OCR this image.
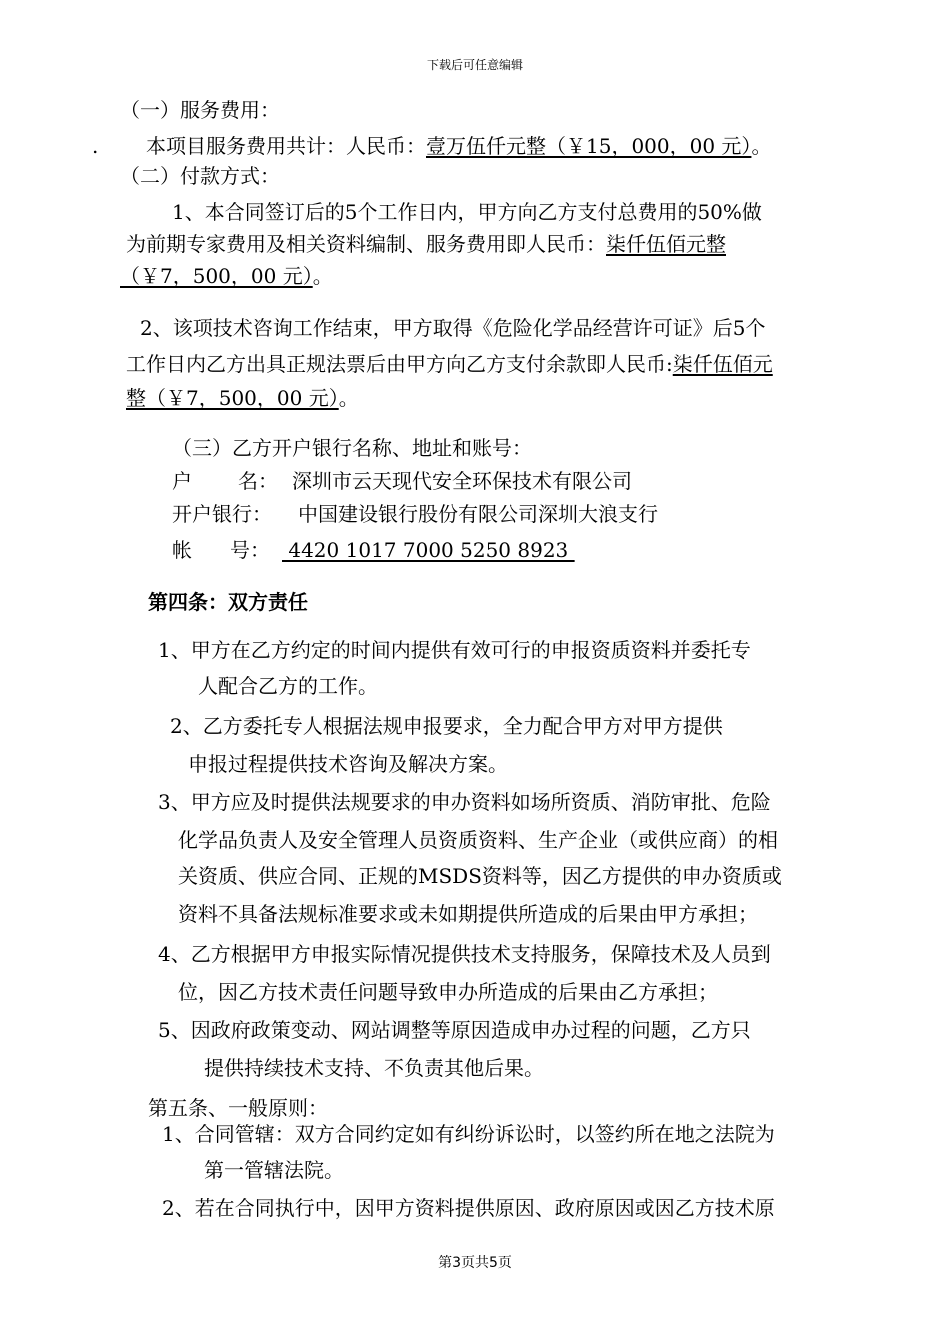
下载后可任意编辑
（一）服务费用：
. 本项目服务费用共计：人民币：壹万伍仟元整（￥15，000，00 元）。
（二）付款方式：
1、本合同签订后的5个工作日内，甲方向乙方支付总费用的50%做
为前期专家费用及相关资料编制、服务费用即人民币：柒仟伍佰元整
（￥7，500，00 元）。
2、该项技术咨询工作结束，甲方取得《危险化学品经营许可证》后5个
工作日内乙方出具正规法票后由甲方向乙方支付余款即人民币:柒仟伍佰元
整（￥7，500，00 元）。
（三）乙方开户银行名称、地址和账号：
户 名： 深圳市云天现代安全环保技术有限公司
开户银行： 中国建设银行股份有限公司深圳大浪支行
帐 号： 4420 1017 7000 5250 8923
第四条：双方责任
1、甲方在乙方约定的时间内提供有效可行的申报资质资料并委托专
人配合乙方的工作。
2、乙方委托专人根据法规申报要求，全力配合甲方对甲方提供
申报过程提供技术咨询及解决方案。
3、甲方应及时提供法规要求的申办资料如场所资质、消防审批、危险
化学品负责人及安全管理人员资质资料、生产企业（或供应商）的相
关资质、供应合同、正规的MSDS资料等，因乙方提供的申办资质或
资料不具备法规标准要求或未如期提供所造成的后果由甲方承担；
4、乙方根据甲方申报实际情况提供技术支持服务，保障技术及人员到
位，因乙方技术责任问题导致申办所造成的后果由乙方承担；
5、因政府政策变动、网站调整等原因造成申办过程的问题，乙方只
提供持续技术支持、不负责其他后果。
第五条、一般原则：
1、合同管辖：双方合同约定如有纠纷诉讼时，以签约所在地之法院为
第一管辖法院。
2、若在合同执行中，因甲方资料提供原因、政府原因或因乙方技术原
第3页共5页
